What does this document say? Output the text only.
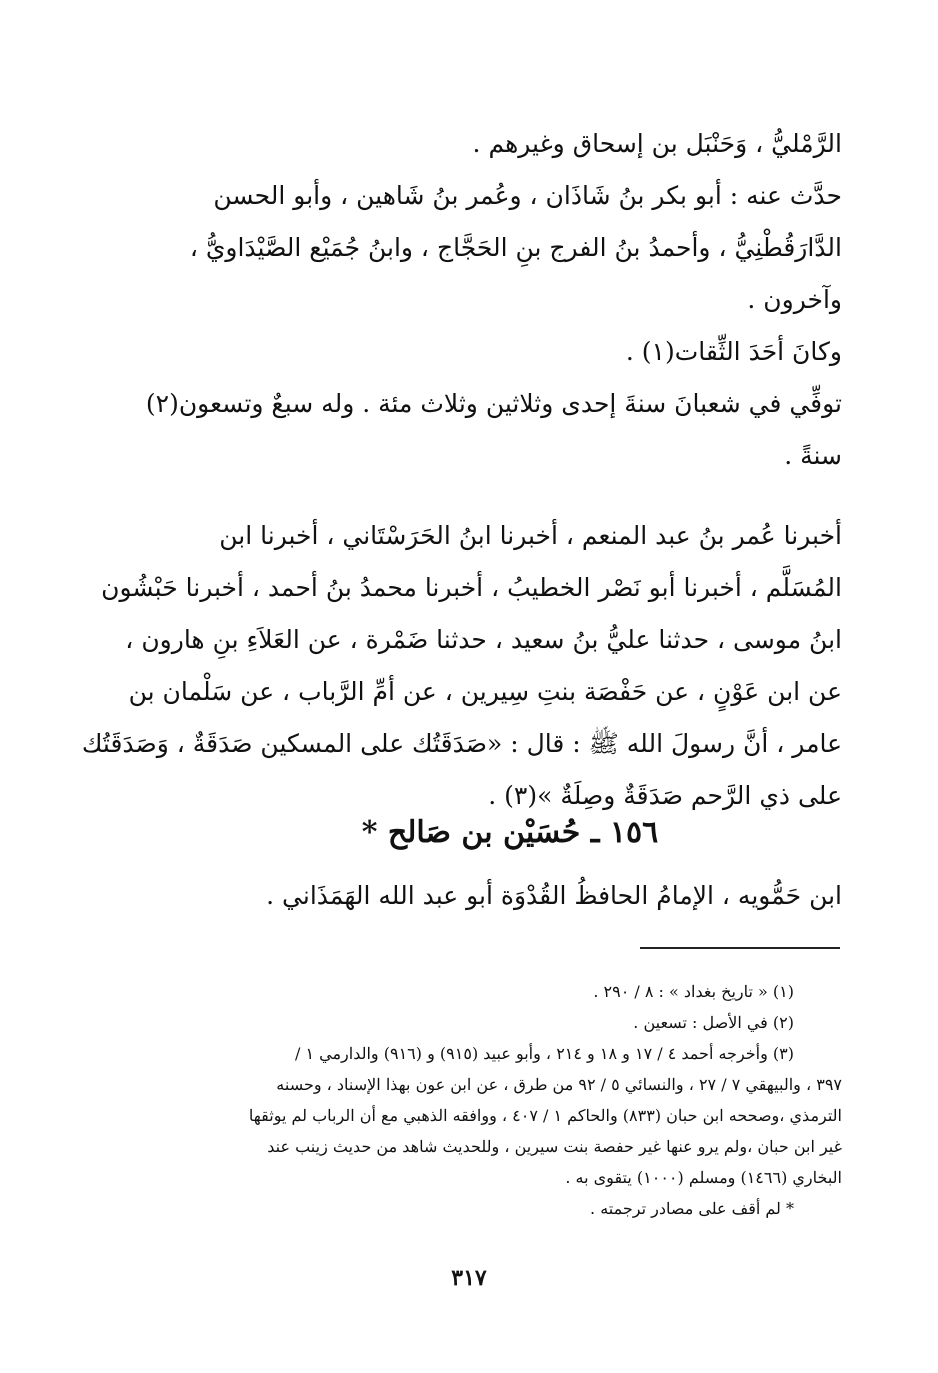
الرَّمْليُّ ، وَحَنْبَل بن إسحاق وغيرهم .
حدَّث عنه : أبو بكر بنُ شَاذَان ، وعُمر بنُ شَاهين ، وأبو الحسن
الدَّارَقُطْنِيُّ ، وأحمدُ بنُ الفرج بنِ الحَجَّاج ، وابنُ جُمَيْع الصَّيْدَاويُّ ،
وآخرون .
وكانَ أحَدَ الثِّقات(١) .
توفِّي في شعبانَ سنةَ إحدى وثلاثين وثلاث مئة . وله سبعٌ وتسعون(٢)
سنةً .
أخبرنا عُمر بنُ عبد المنعم ، أخبرنا ابنُ الحَرَسْتَاني ، أخبرنا ابن
المُسَلَّم ، أخبرنا أبو نَصْر الخطيبُ ، أخبرنا محمدُ بنُ أحمد ، أخبرنا حَبْشُون
ابنُ موسى ، حدثنا عليُّ بنُ سعيد ، حدثنا ضَمْرة ، عن العَلاَءِ بنِ هارون ،
عن ابن عَوْنٍ ، عن حَفْصَة بنتِ سِيرين ، عن أمِّ الرَّباب ، عن سَلْمان بن
عامر ، أنَّ رسولَ الله ﷺ : قال : «صَدَقَتُك على المسكين صَدَقَةٌ ، وَصَدَقَتُك
على ذي الرَّحم صَدَقَةٌ وصِلَةٌ »(٣) .
١٥٦ ـ حُسَيْن بن صَالح *
ابن حَمُّويه ، الإمامُ الحافظُ القُدْوَة أبو عبد الله الهَمَذَاني .
(١) « تاريخ بغداد » : ٨ / ٢٩٠ .
(٢) في الأصل : تسعين .
(٣) وأخرجه أحمد ٤ / ١٧ و ١٨ و ٢١٤ ، وأبو عبيد (٩١٥) و (٩١٦) والدارمي ١ /
٣٩٧ ، والبيهقي ٧ / ٢٧ ، والنسائي ٥ / ٩٢ من طرق ، عن ابن عون بهذا الإسناد ، وحسنه
الترمذي ،وصححه ابن حبان (٨٣٣) والحاكم ١ / ٤٠٧ ، ووافقه الذهبي مع أن الرباب لم يوثقها
غير ابن حبان ،ولم يرو عنها غير حفصة بنت سيرين ، وللحديث شاهد من حديث زينب عند
البخاري (١٤٦٦) ومسلم (١٠٠٠) يتقوى به .
* لم أقف على مصادر ترجمته .
٣١٧
